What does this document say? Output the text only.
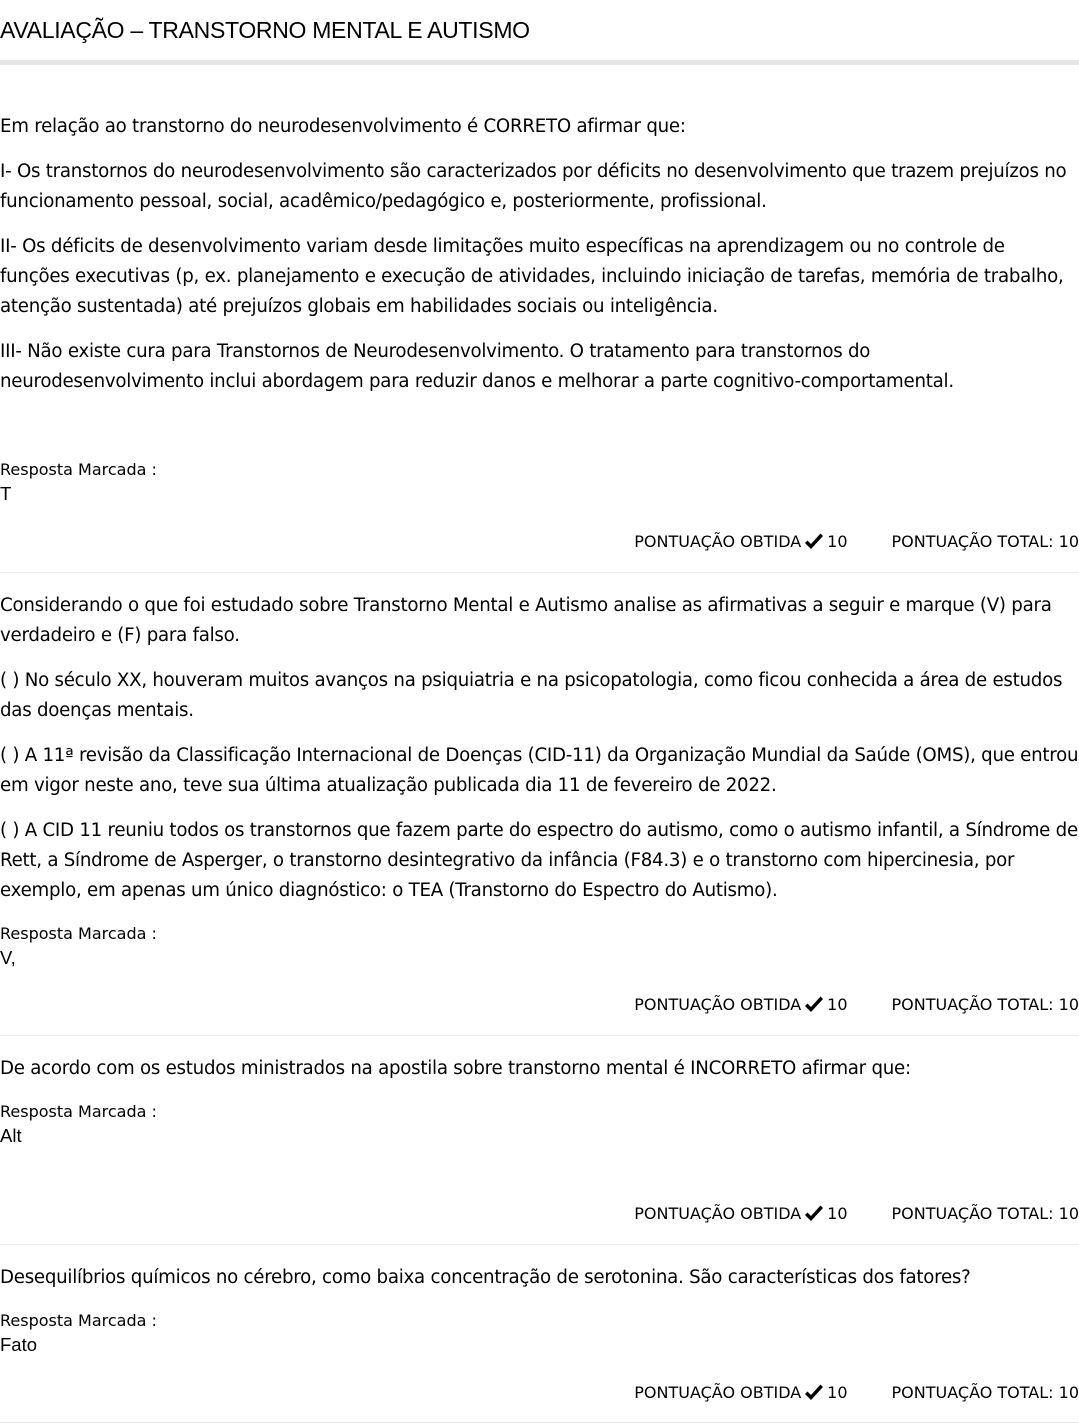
AVALIAÇÃO – TRANSTORNO MENTAL E AUTISMO

Em relação ao transtorno do neurodesenvolvimento é CORRETO afirmar que:

I- Os transtornos do neurodesenvolvimento são caracterizados por déficits no desenvolvimento que trazem prejuízos no funcionamento pessoal, social, acadêmico/pedagógico e, posteriormente, profissional.

II- Os déficits de desenvolvimento variam desde limitações muito específicas na aprendizagem ou no controle de funções executivas (p, ex. planejamento e execução de atividades, incluindo iniciação de tarefas, memória de trabalho, atenção sustentada) até prejuízos globais em habilidades sociais ou inteligência.

III- Não existe cura para Transtornos de Neurodesenvolvimento. O tratamento para transtornos do neurodesenvolvimento inclui abordagem para reduzir danos e melhorar a parte cognitivo-comportamental.

Resposta Marcada :

T

PONTUAÇÃO OBTIDA 10	PONTUAÇÃO TOTAL: 10

Considerando o que foi estudado sobre Transtorno Mental e Autismo analise as afirmativas a seguir e marque (V) para verdadeiro e (F) para falso.

( ) No século XX, houveram muitos avanços na psiquiatria e na psicopatologia, como ficou conhecida a área de estudos das doenças mentais.

( ) A 11ª revisão da Classificação Internacional de Doenças (CID-11) da Organização Mundial da Saúde (OMS), que entrou em vigor neste ano, teve sua última atualização publicada dia 11 de fevereiro de 2022.

( ) A CID 11 reuniu todos os transtornos que fazem parte do espectro do autismo, como o autismo infantil, a Síndrome de Rett, a Síndrome de Asperger, o transtorno desintegrativo da infância (F84.3) e o transtorno com hipercinesia, por exemplo, em apenas um único diagnóstico: o TEA (Transtorno do Espectro do Autismo).

Resposta Marcada :

V,

PONTUAÇÃO OBTIDA 10	PONTUAÇÃO TOTAL: 10

De acordo com os estudos ministrados na apostila sobre transtorno mental é INCORRETO afirmar que:

Resposta Marcada :

Alt

PONTUAÇÃO OBTIDA 10	PONTUAÇÃO TOTAL: 10

Desequilíbrios químicos no cérebro, como baixa concentração de serotonina. São características dos fatores?

Resposta Marcada :

Fato

PONTUAÇÃO OBTIDA 10	PONTUAÇÃO TOTAL: 10
